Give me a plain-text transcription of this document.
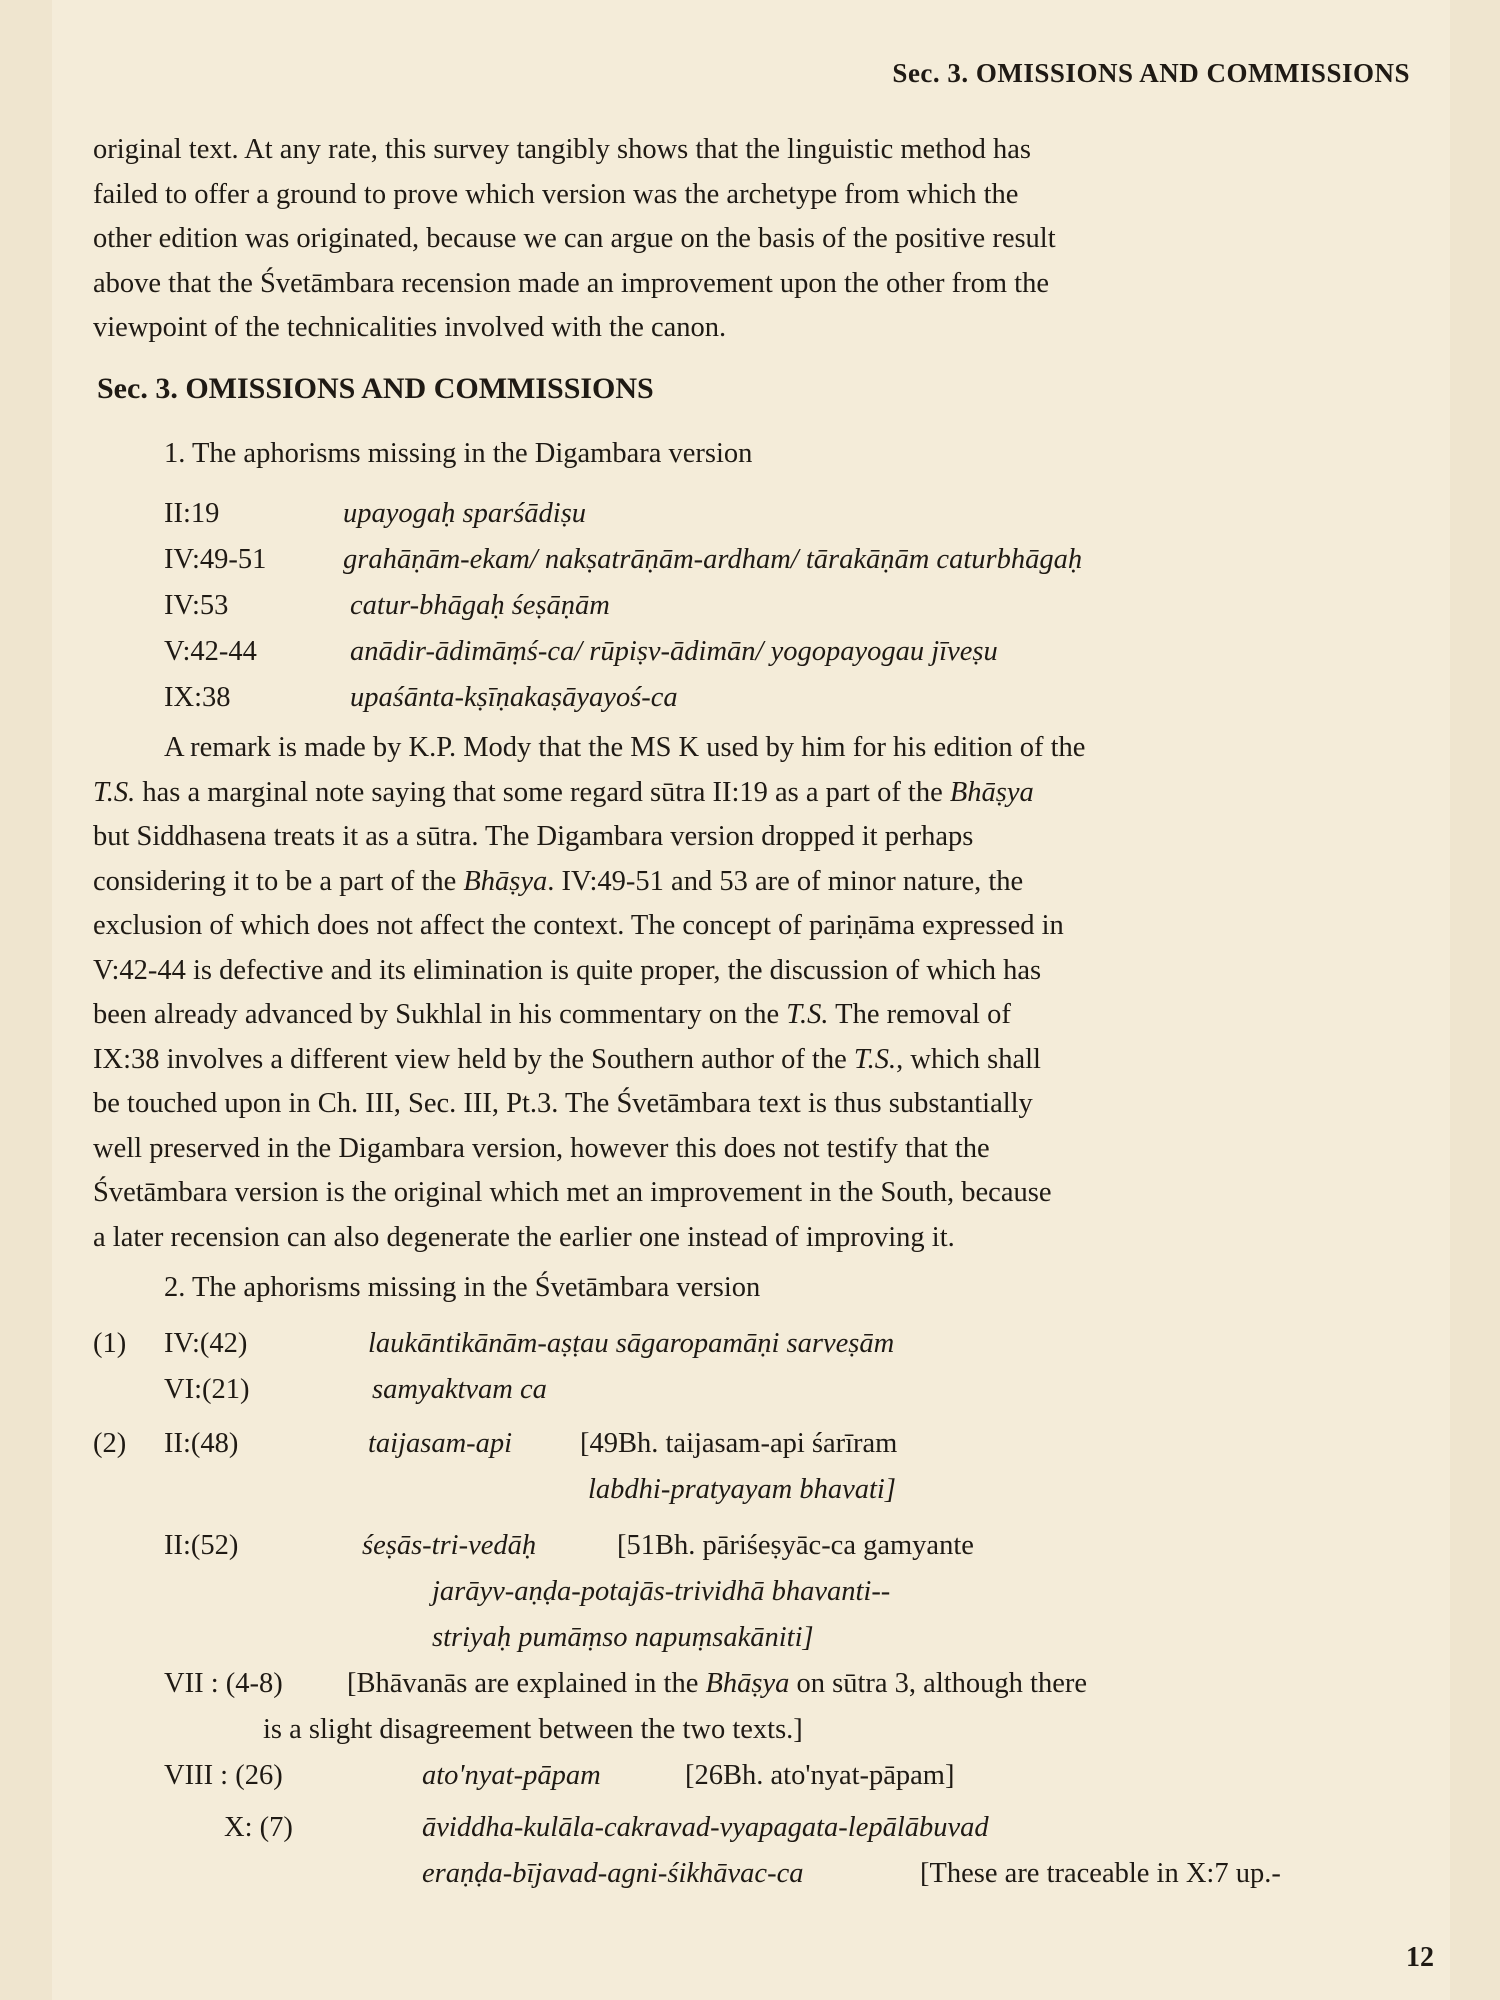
Sec. 3. OMISSIONS AND COMMISSIONS

original text. At any rate, this survey tangibly shows that the linguistic method has

failed to offer a ground to prove which version was the archetype from which the

other edition was originated, because we can argue on the basis of the positive result

above that the Śvetāmbara recension made an improvement upon the other from the

viewpoint of the technicalities involved with the canon.

Sec. 3. OMISSIONS AND COMMISSIONS
1. The aphorisms missing in the Digambara version
II:19	upayogaḥ sparśādiṣu
IV:49-51	grahāṇām-ekam/ nakṣatrāṇām-ardham/ tārakāṇām caturbhāgaḥ
IV:53	catur-bhāgaḥ śeṣāṇām
V:42-44	anādir-ādimāṃś-ca/ rūpiṣv-ādimān/ yogopayogau jīveṣu
IX:38	upaśānta-kṣīṇakaṣāyayoś-ca

A remark is made by K.P. Mody that the MS K used by him for his edition of the

T.S. has a marginal note saying that some regard sūtra II:19 as a part of the Bhāṣya

but Siddhasena treats it as a sūtra. The Digambara version dropped it perhaps

considering it to be a part of the Bhāṣya. IV:49-51 and 53 are of minor nature, the

exclusion of which does not affect the context. The concept of pariṇāma expressed in

V:42-44 is defective and its elimination is quite proper, the discussion of which has

been already advanced by Sukhlal in his commentary on the T.S. The removal of

IX:38 involves a different view held by the Southern author of the T.S., which shall

be touched upon in Ch. III, Sec. III, Pt.3. The Śvetāmbara text is thus substantially

well preserved in the Digambara version, however this does not testify that the

Śvetāmbara version is the original which met an improvement in the South, because

a later recension can also degenerate the earlier one instead of improving it.

2. The aphorisms missing in the Śvetāmbara version
(1) IV:(42)	laukāntikānām-aṣṭau sāgaropamāṇi sarveṣām
VI:(21)	samyaktvam ca
(2) II:(48)	taijasam-api [49Bh. taijasam-api śarīram
labdhi-pratyayam bhavati]
II:(52)	śeṣās-tri-vedāḥ	[51Bh. pāriśeṣyāc-ca gamyante
jarāyv-aṇḍa-potajās-trividhā bhavanti--
striyaḥ pumāṃso napuṃsakāniti]
VII : (4-8) [Bhāvanās are explained in the Bhāṣya on sūtra 3, although there
is a slight disagreement between the two texts.]
VIII : (26)	ato'nyat-pāpam	[26Bh. ato'nyat-pāpam]
X: (7)	āviddha-kulāla-cakravad-vyapagata-lepālābuvad
eraṇḍa-bījavad-agni-śikhāvac-ca	[These are traceable in X:7 up.-
12
